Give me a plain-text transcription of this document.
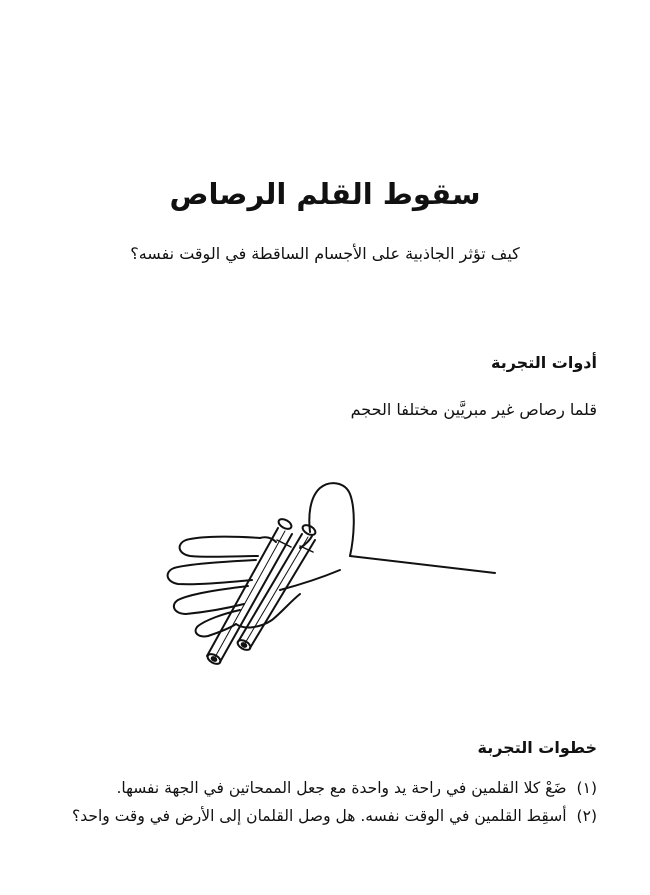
سقوط القلم الرصاص

كيف تؤثر الجاذبية على الأجسام الساقطة في الوقت نفسه؟

أدوات التجربة

قلما رصاص غير مبريَّين مختلفا الحجم

خطوات التجربة
(١)ضَعْ كلا القلمين في راحة يد واحدة مع جعل الممحاتين في الجهة نفسها.
(٢)أسقِط القلمين في الوقت نفسه. هل وصل القلمان إلى الأرض في وقت واحد؟
